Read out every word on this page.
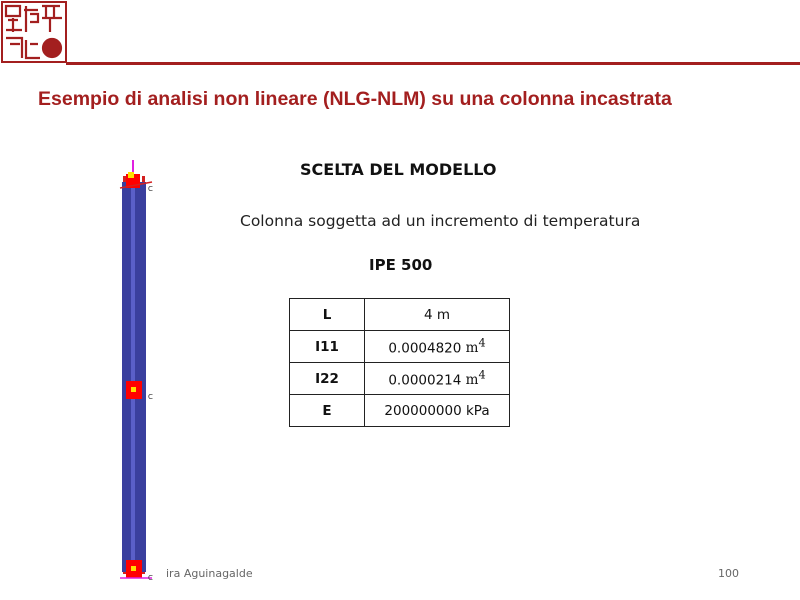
Esempio di analisi non lineare (NLG-NLM) su una colonna incastrata
C
C
C
SCELTA DEL MODELLO
Colonna soggetta ad un incremento di temperatura
IPE 500
L	4 m
I11	0.0004820 $m^4$
I22	0.0000214 $m^4$
E	200000000 kPa
ira Aguinagalde	100
